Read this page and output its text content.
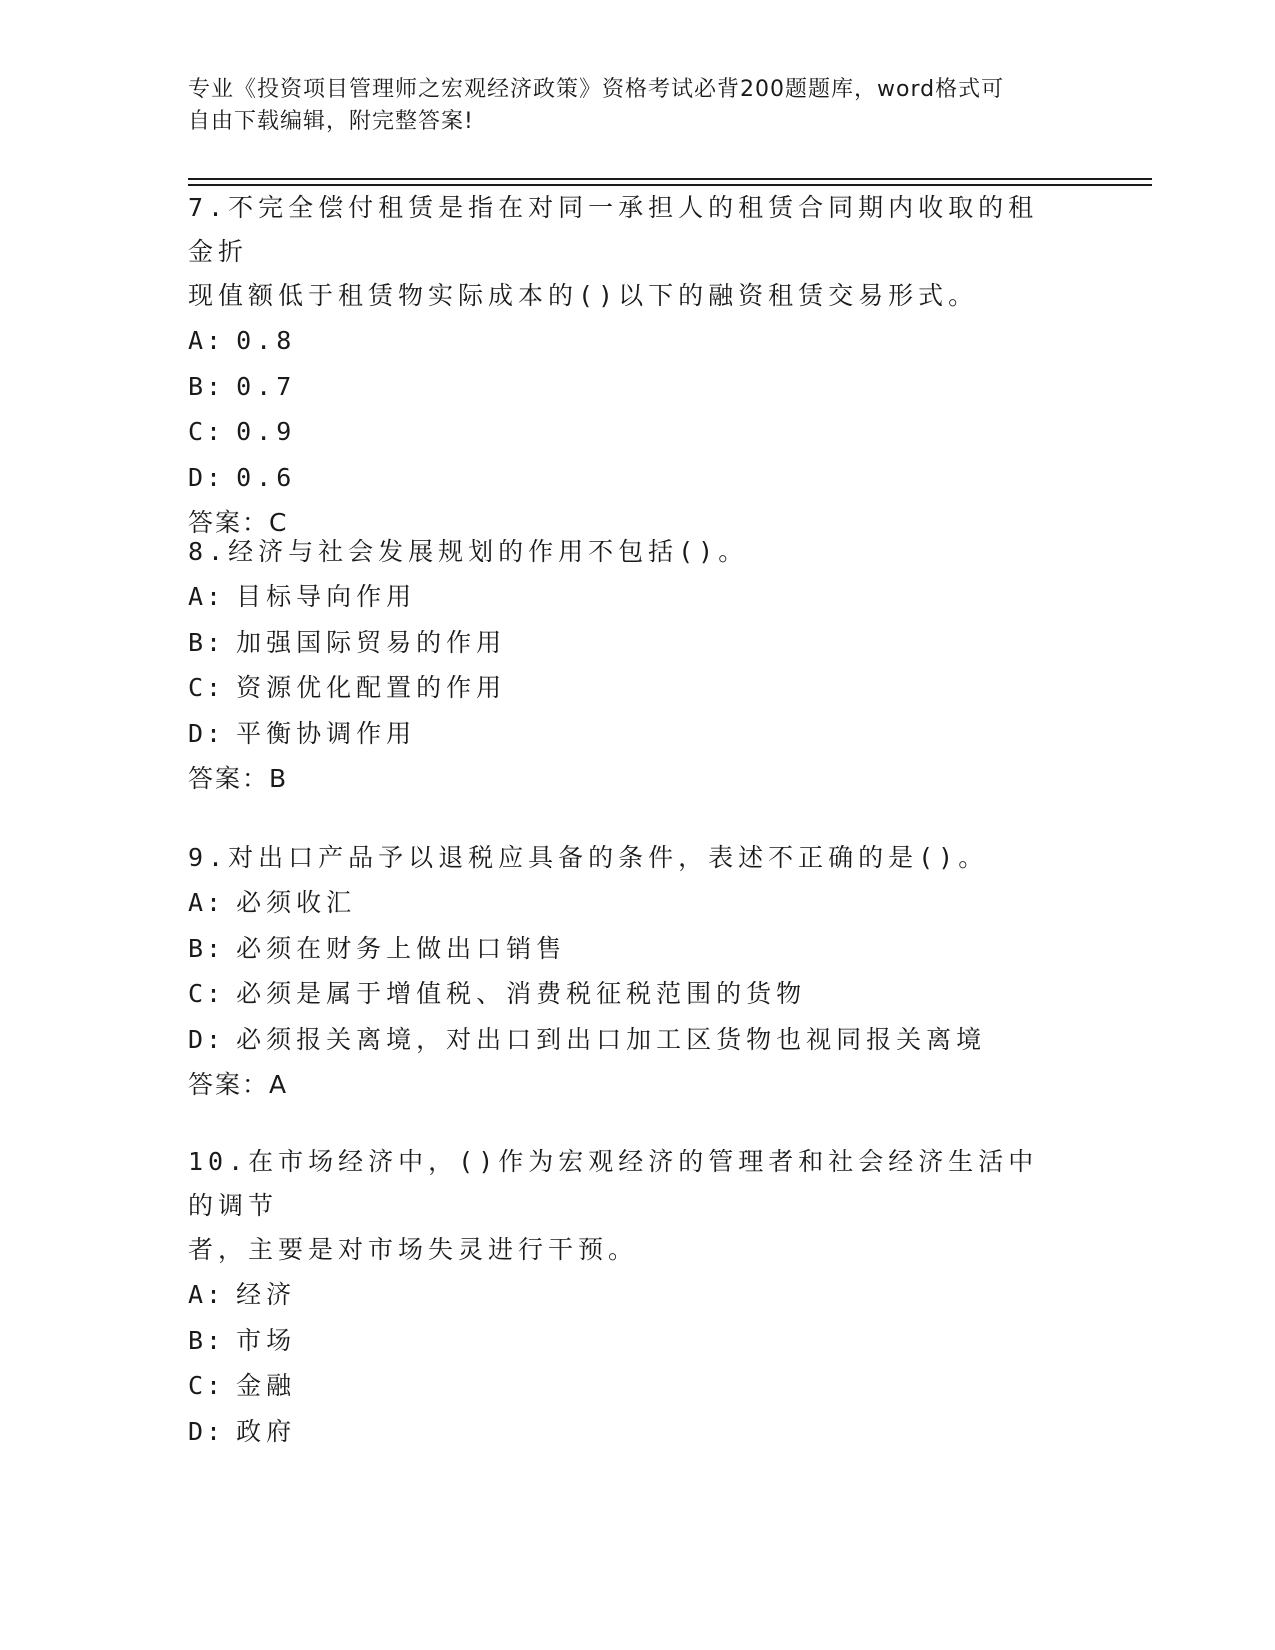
专业《投资项目管理师之宏观经济政策》资格考试必背200题题库，word格式可
自由下载编辑，附完整答案!

7.不完全偿付租赁是指在对同一承担人的租赁合同期内收取的租金折

现值额低于租赁物实际成本的()以下的融资租赁交易形式。

A: 0.8

B: 0.7

C: 0.9

D: 0.6

答案：C

8.经济与社会发展规划的作用不包括()。

A: 目标导向作用

B: 加强国际贸易的作用

C: 资源优化配置的作用

D: 平衡协调作用

答案：B

9.对出口产品予以退税应具备的条件，表述不正确的是()。

A: 必须收汇

B: 必须在财务上做出口销售

C: 必须是属于增值税、消费税征税范围的货物

D: 必须报关离境，对出口到出口加工区货物也视同报关离境

答案：A

10.在市场经济中，()作为宏观经济的管理者和社会经济生活中的调节

者，主要是对市场失灵进行干预。

A: 经济

B: 市场

C: 金融

D: 政府
